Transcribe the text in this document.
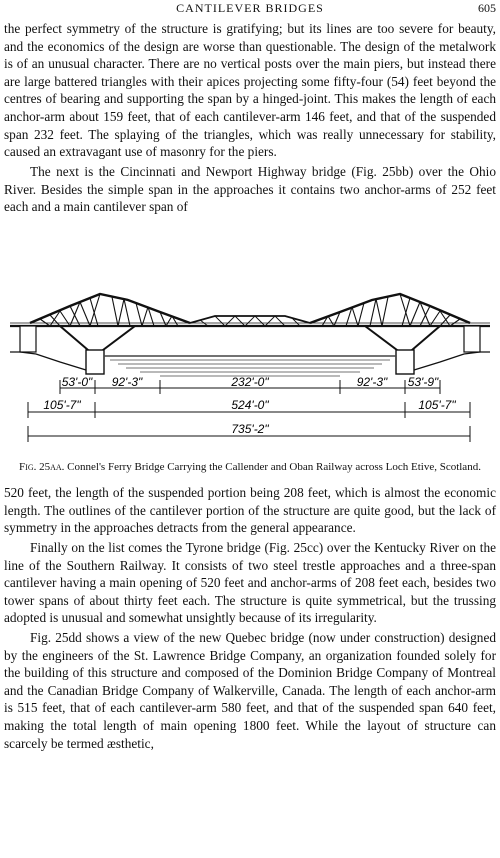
CANTILEVER BRIDGES	605

the perfect symmetry of the structure is gratifying; but its lines are too severe for beauty, and the economics of the design are worse than questionable. The design of the metalwork is of an unusual character. There are no vertical posts over the main piers, but instead there are large battered triangles with their apices projecting some fifty-four (54) feet beyond the centres of bearing and supporting the span by a hinged-joint. This makes the length of each anchor-arm about 159 feet, that of each cantilever-arm 146 feet, and that of the suspended span 232 feet. The splaying of the triangles, which was really unnecessary for stability, caused an extravagant use of masonry for the piers.

The next is the Cincinnati and Newport Highway bridge (Fig. 25bb) over the Ohio River. Besides the simple span in the approaches it contains two anchor-arms of 252 feet each and a main cantilever span of

53'-0" 92'-3"	232'-0"	92'-3" 53'-9"
105'-7"	524'-0"	105'-7"
735'-2"
Fig. 25aa. Connel's Ferry Bridge Carrying the Callender and Oban Railway across Loch Etive, Scotland.

520 feet, the length of the suspended portion being 208 feet, which is almost the economic length. The outlines of the cantilever portion of the structure are quite good, but the lack of symmetry in the approaches detracts from the general appearance.

Finally on the list comes the Tyrone bridge (Fig. 25cc) over the Kentucky River on the line of the Southern Railway. It consists of two steel trestle approaches and a three-span cantilever having a main opening of 520 feet and anchor-arms of 208 feet each, besides two tower spans of about thirty feet each. The structure is quite symmetrical, but the trussing adopted is unusual and somewhat unsightly because of its irregularity.

Fig. 25dd shows a view of the new Quebec bridge (now under construction) designed by the engineers of the St. Lawrence Bridge Company, an organization founded solely for the building of this structure and composed of the Dominion Bridge Company of Montreal and the Canadian Bridge Company of Walkerville, Canada. The length of each anchor-arm is 515 feet, that of each cantilever-arm 580 feet, and that of the suspended span 640 feet, making the total length of main opening 1800 feet. While the layout of structure can scarcely be termed æsthetic,
